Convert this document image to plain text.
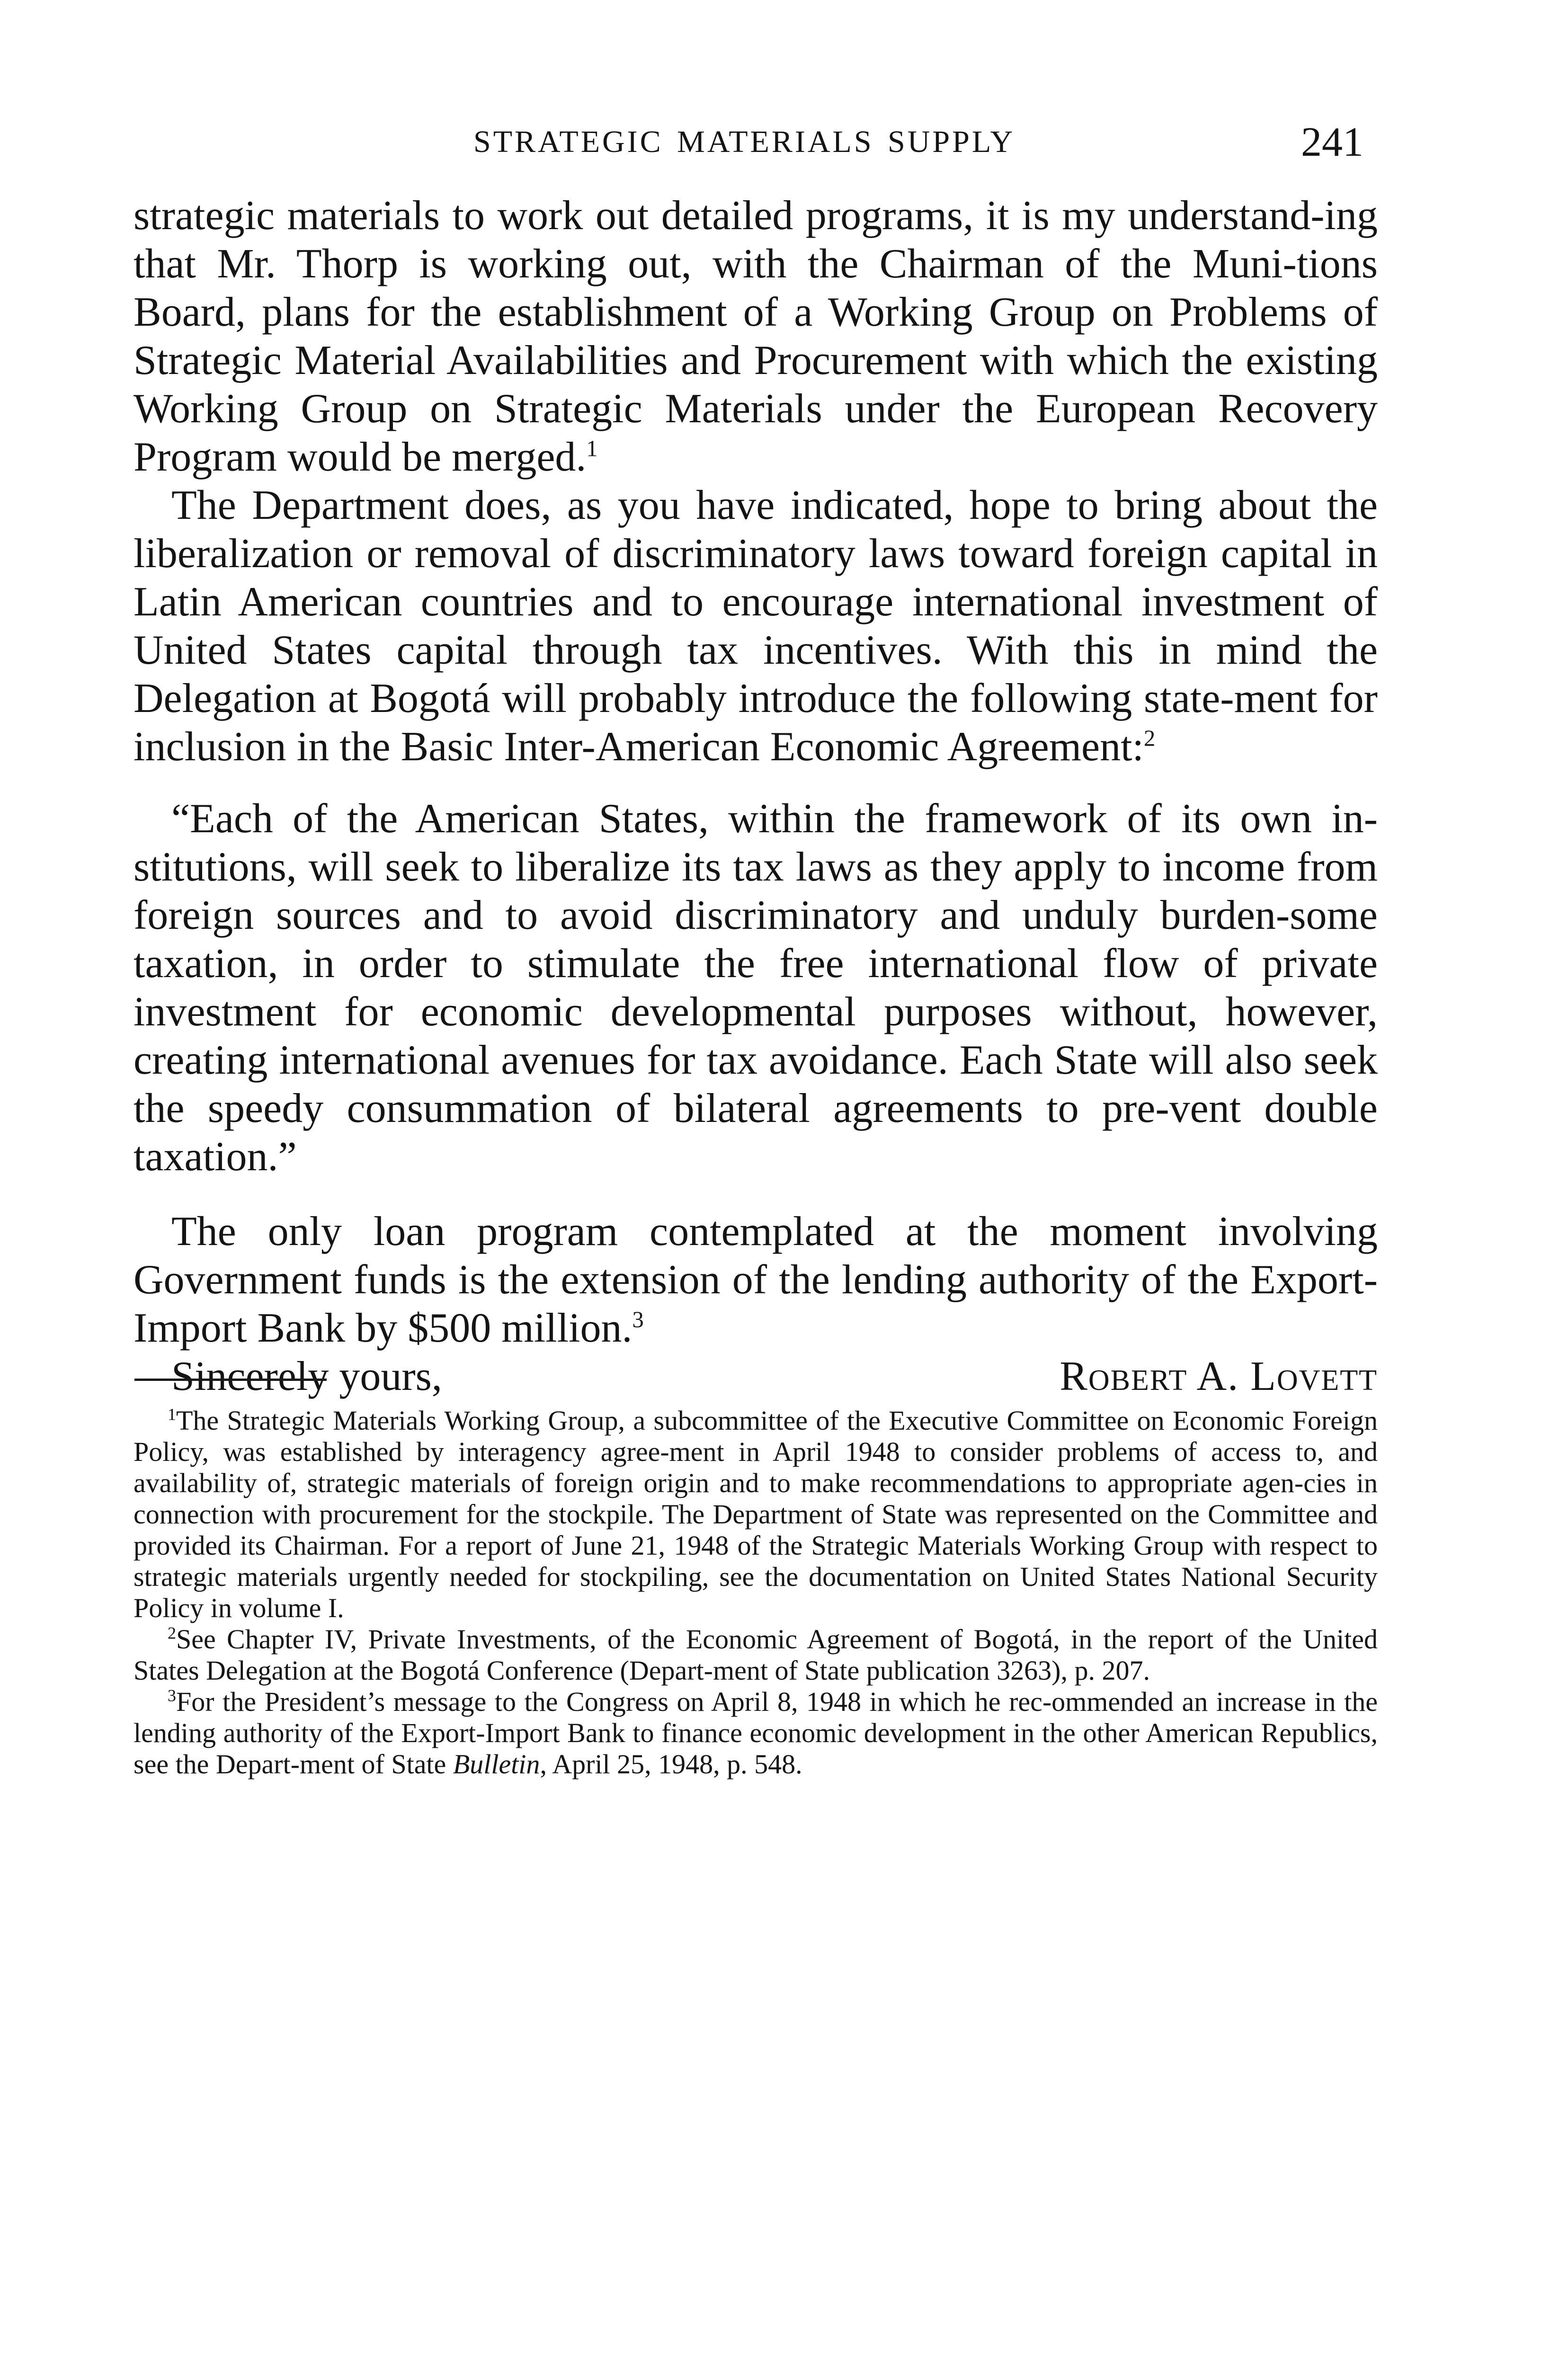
STRATEGIC MATERIALS SUPPLY	241

strategic materials to work out detailed programs, it is my understand-ing that Mr. Thorp is working out, with the Chairman of the Muni-tions Board, plans for the establishment of a Working Group on Problems of Strategic Material Availabilities and Procurement with which the existing Working Group on Strategic Materials under the European Recovery Program would be merged.$^1$

The Department does, as you have indicated, hope to bring about the liberalization or removal of discriminatory laws toward foreign capital in Latin American countries and to encourage international investment of United States capital through tax incentives. With this in mind the Delegation at Bogotá will probably introduce the following state-ment for inclusion in the Basic Inter-American Economic Agreement:$^2$

“Each of the American States, within the framework of its own in-stitutions, will seek to liberalize its tax laws as they apply to income from foreign sources and to avoid discriminatory and unduly burden-some taxation, in order to stimulate the free international flow of private investment for economic developmental purposes without, however, creating international avenues for tax avoidance. Each State will also seek the speedy consummation of bilateral agreements to pre-vent double taxation.”

The only loan program contemplated at the moment involving Government funds is the extension of the lending authority of the Export-Import Bank by $500 million.$^3$

Sincerely yours,	Robert A. Lovett

$^1$The Strategic Materials Working Group, a subcommittee of the Executive Committee on Economic Foreign Policy, was established by interagency agree-ment in April 1948 to consider problems of access to, and availability of, strategic materials of foreign origin and to make recommendations to appropriate agen-cies in connection with procurement for the stockpile. The Department of State was represented on the Committee and provided its Chairman. For a report of June 21, 1948 of the Strategic Materials Working Group with respect to strategic materials urgently needed for stockpiling, see the documentation on United States National Security Policy in volume I.

$^2$See Chapter IV, Private Investments, of the Economic Agreement of Bogotá, in the report of the United States Delegation at the Bogotá Conference (Depart-ment of State publication 3263), p. 207.

$^3$For the President’s message to the Congress on April 8, 1948 in which he rec-ommended an increase in the lending authority of the Export-Import Bank to finance economic development in the other American Republics, see the Depart-ment of State Bulletin, April 25, 1948, p. 548.
